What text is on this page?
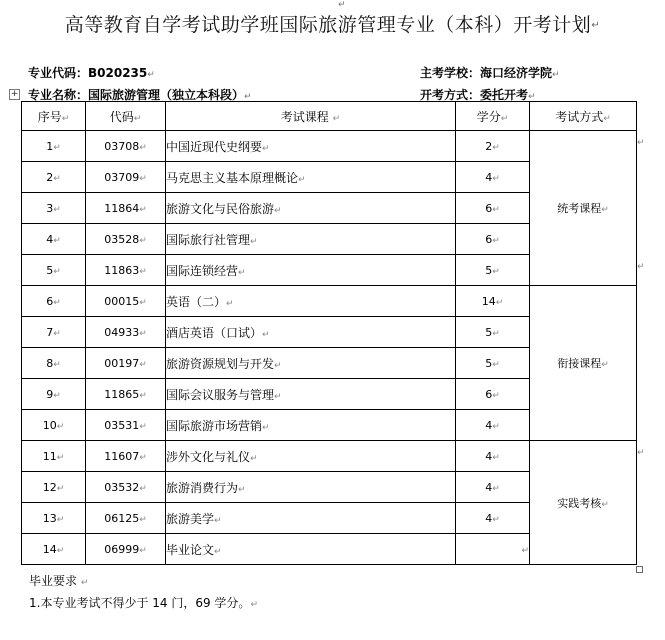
↵
高等教育自学考试助学班国际旅游管理专业（本科）开考计划↵
专业代码：B020235↵	主考学校：海口经济学院↵
专业名称：国际旅游管理（独立本科段）↵	开考方式：委托开考↵
+
序号↵	代码↵	考试课程 ↵	学分↵	考试方式↵
1↵	03708↵	中国近现代史纲要↵	2↵	统考课程↵
2↵	03709↵	马克思主义基本原理概论↵	4↵	
3↵	11864↵	旅游文化与民俗旅游↵	6↵	
4↵	03528↵	国际旅行社管理↵	6↵	
5↵	11863↵	国际连锁经营↵	5↵	
6↵	00015↵	英语（二）↵	14↵	衔接课程↵
7↵	04933↵	酒店英语（口试）↵	5↵	
8↵	00197↵	旅游资源规划与开发↵	5↵	
9↵	11865↵	国际会议服务与管理↵	6↵	
10↵	03531↵	国际旅游市场营销↵	4↵	
11↵	11607↵	涉外文化与礼仪↵	4↵	实践考核↵
12↵	03532↵	旅游消费行为↵	4↵	
13↵	06125↵	旅游美学↵	4↵	
14↵	06999↵	毕业论文↵	↵	
↵
↵
↵
毕业要求 ↵
1.本专业考试不得少于 14 门，69 学分。↵
